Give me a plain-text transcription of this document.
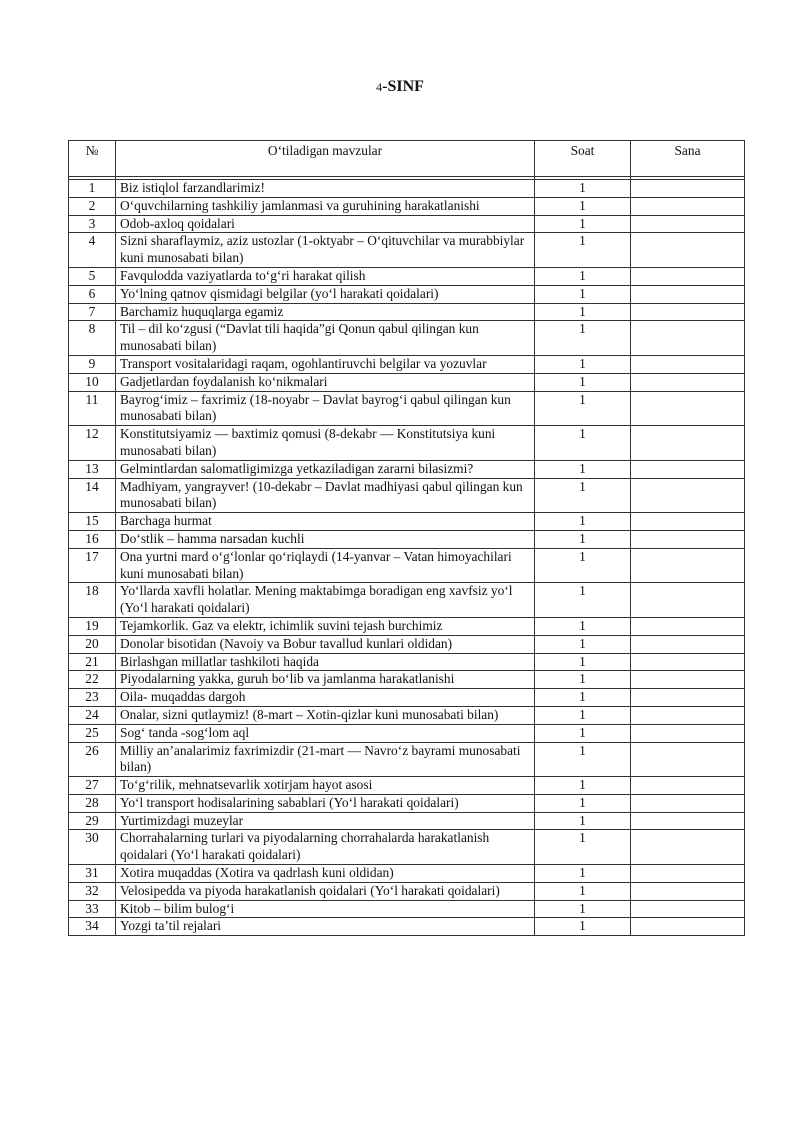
4-SINF
№	O‘tiladigan mavzular	Soat	Sana

1	Biz istiqlol farzandlarimiz!	1	
2	O‘quvchilarning tashkiliy jamlanmasi va guruhining harakatlanishi	1	
3	Odob-axloq qoidalari	1	
4	Sizni sharaflaymiz, aziz ustozlar (1-oktyabr – O‘qituvchilar va murabbiylar kuni munosabati bilan)	1	
5	Favqulodda vaziyatlarda to‘g‘ri harakat qilish	1	
6	Yo‘lning qatnov qismidagi belgilar (yo‘l harakati qoidalari)	1	
7	Barchamiz huquqlarga egamiz	1	
8	Til – dil ko‘zgusi (“Davlat tili haqida”gi Qonun qabul qilingan kun munosabati bilan)	1	
9	Transport vositalaridagi raqam, ogohlantiruvchi belgilar va yozuvlar	1	
10	Gadjetlardan foydalanish ko‘nikmalari	1	
11	Bayrog‘imiz – faxrimiz (18-noyabr – Davlat bayrog‘i qabul qilingan kun munosabati bilan)	1	
12	Konstitutsiyamiz — baxtimiz qomusi (8-dekabr — Konstitutsiya kuni munosabati bilan)	1	
13	Gelmintlardan salomatligimizga yetkaziladigan zararni bilasizmi?	1	
14	Madhiyam, yangrayver! (10-dekabr – Davlat madhiyasi qabul qilingan kun munosabati bilan)	1	
15	Barchaga hurmat	1	
16	Do‘stlik – hamma narsadan kuchli	1	
17	Ona yurtni mard o‘g‘lonlar qo‘riqlaydi (14-yanvar – Vatan himoyachilari kuni munosabati bilan)	1	
18	Yo‘llarda xavfli holatlar. Mening maktabimga boradigan eng xavfsiz yo‘l (Yo‘l harakati qoidalari)	1	
19	Tejamkorlik. Gaz va elektr, ichimlik suvini tejash burchimiz	1	
20	Donolar bisotidan (Navoiy va Bobur tavallud kunlari oldidan)	1	
21	Birlashgan millatlar tashkiloti haqida	1	
22	Piyodalarning yakka, guruh bo‘lib va jamlanma harakatlanishi	1	
23	Oila- muqaddas dargoh	1	
24	Onalar, sizni qutlaymiz! (8-mart – Xotin-qizlar kuni munosabati bilan)	1	
25	Sog‘ tanda -sog‘lom aql	1	
26	Milliy an’analarimiz faxrimizdir (21-mart — Navro‘z bayrami munosabati bilan)	1	
27	To‘g‘rilik, mehnatsevarlik xotirjam hayot asosi	1	
28	Yo‘l transport hodisalarining sabablari (Yo‘l harakati qoidalari)	1	
29	Yurtimizdagi muzeylar	1	
30	Chorrahalarning turlari va piyodalarning chorrahalarda harakatlanish qoidalari (Yo‘l harakati qoidalari)	1	
31	Xotira muqaddas (Xotira va qadrlash kuni oldidan)	1	
32	Velosipedda va piyoda harakatlanish qoidalari (Yo‘l harakati qoidalari)	1	
33	Kitob – bilim bulog‘i	1	
34	Yozgi ta’til rejalari	1	
